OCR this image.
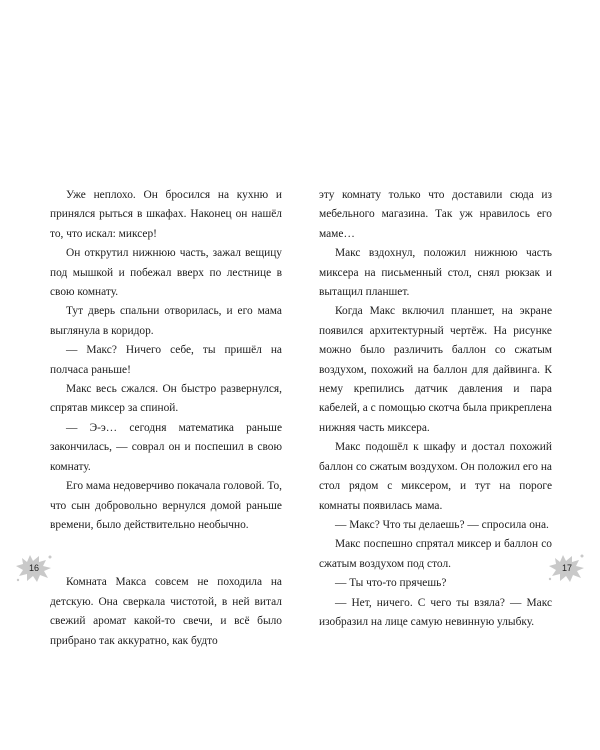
Уже неплохо. Он бросился на кухню и принялся рыться в шкафах. Наконец он нашёл то, что искал: миксер!

Он открутил нижнюю часть, зажал вещицу под мышкой и побежал вверх по лестнице в свою комнату.

Тут дверь спальни отворилась, и его мама выглянула в коридор.

— Макс? Ничего себе, ты пришёл на полчаса раньше!

Макс весь сжался. Он быстро развернулся, спрятав миксер за спиной.

— Э-э… сегодня математика раньше закончилась, — соврал он и поспешил в свою комнату.

Его мама недоверчиво покачала головой. То, что сын добровольно вернулся домой раньше времени, было действительно необычно.

Комната Макса совсем не походила на детскую. Она сверкала чистотой, в ней витал свежий аромат какой-то свечи, и всё было прибрано так аккуратно, как будто

эту комнату только что доставили сюда из мебельного магазина. Так уж нравилось его маме…

Макс вздохнул, положил нижнюю часть миксера на письменный стол, снял рюкзак и вытащил планшет.

Когда Макс включил планшет, на экране появился архитектурный чертёж. На рисунке можно было различить баллон со сжатым воздухом, похожий на баллон для дайвинга. К нему крепились датчик давления и пара кабелей, а с помощью скотча была прикреплена нижняя часть миксера.

Макс подошёл к шкафу и достал похожий баллон со сжатым воздухом. Он положил его на стол рядом с миксером, и тут на пороге комнаты появилась мама.

— Макс? Что ты делаешь? — спросила она.

Макс поспешно спрятал миксер и баллон со сжатым воздухом под стол.

— Ты что-то прячешь?

— Нет, ничего. С чего ты взяла? — Макс изобразил на лице самую невинную улыбку.

16	17
